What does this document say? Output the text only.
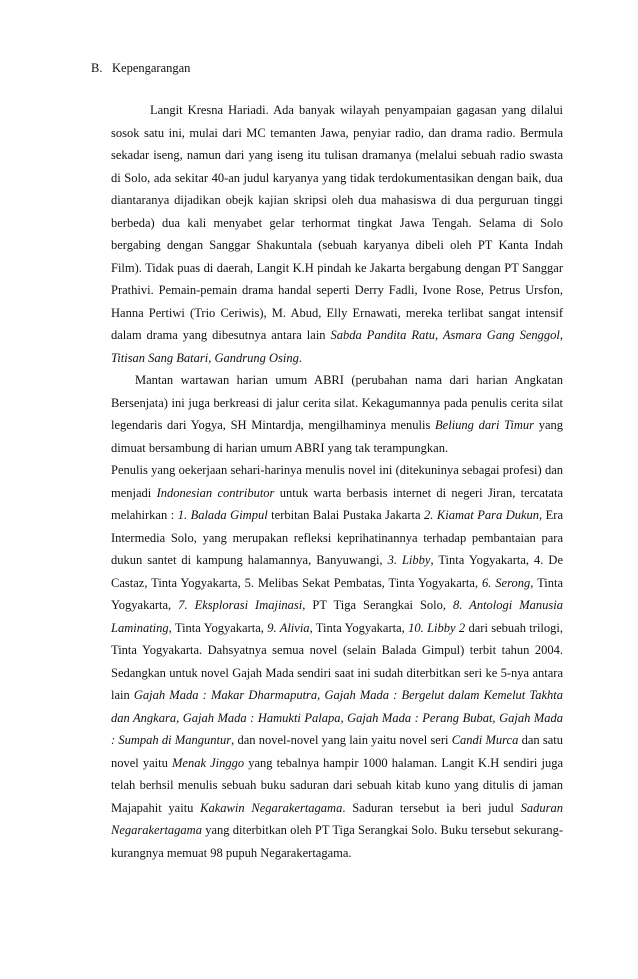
B. Kepengarangan

Langit Kresna Hariadi. Ada banyak wilayah penyampaian gagasan yang dilalui sosok satu ini, mulai dari MC temanten Jawa, penyiar radio, dan drama radio. Bermula sekadar iseng, namun dari yang iseng itu tulisan dramanya (melalui sebuah radio swasta di Solo, ada sekitar 40-an judul karyanya yang tidak terdokumentasikan dengan baik, dua diantaranya dijadikan obejk kajian skripsi oleh dua mahasiswa di dua perguruan tinggi berbeda) dua kali menyabet gelar terhormat tingkat Jawa Tengah. Selama di Solo bergabing dengan Sanggar Shakuntala (sebuah karyanya dibeli oleh PT Kanta Indah Film). Tidak puas di daerah, Langit K.H pindah ke Jakarta bergabung dengan PT Sanggar Prathivi. Pemain-pemain drama handal seperti Derry Fadli, Ivone Rose, Petrus Ursfon, Hanna Pertiwi (Trio Ceriwis), M. Abud, Elly Ernawati, mereka terlibat sangat intensif dalam drama yang dibesutnya antara lain Sabda Pandita Ratu, Asmara Gang Senggol, Titisan Sang Batari, Gandrung Osing.

Mantan wartawan harian umum ABRI (perubahan nama dari harian Angkatan Bersenjata) ini juga berkreasi di jalur cerita silat. Kekagumannya pada penulis cerita silat legendaris dari Yogya, SH Mintardja, mengilhaminya menulis Beliung dari Timur yang dimuat bersambung di harian umum ABRI yang tak terampungkan.

Penulis yang oekerjaan sehari-harinya menulis novel ini (ditekuninya sebagai profesi) dan menjadi Indonesian contributor untuk warta berbasis internet di negeri Jiran, tercatata melahirkan : 1. Balada Gimpul terbitan Balai Pustaka Jakarta 2. Kiamat Para Dukun, Era Intermedia Solo, yang merupakan refleksi keprihatinannya terhadap pembantaian para dukun santet di kampung halamannya, Banyuwangi, 3. Libby, Tinta Yogyakarta, 4. De Castaz, Tinta Yogyakarta, 5. Melibas Sekat Pembatas, Tinta Yogyakarta, 6. Serong, Tinta Yogyakarta, 7. Eksplorasi Imajinasi, PT Tiga Serangkai Solo, 8. Antologi Manusia Laminating, Tinta Yogyakarta, 9. Alivia, Tinta Yogyakarta, 10. Libby 2 dari sebuah trilogi, Tinta Yogyakarta. Dahsyatnya semua novel (selain Balada Gimpul) terbit tahun 2004. Sedangkan untuk novel Gajah Mada sendiri saat ini sudah diterbitkan seri ke 5-nya antara lain Gajah Mada : Makar Dharmaputra, Gajah Mada : Bergelut dalam Kemelut Takhta dan Angkara, Gajah Mada : Hamukti Palapa, Gajah Mada : Perang Bubat, Gajah Mada : Sumpah di Manguntur, dan novel-novel yang lain yaitu novel seri Candi Murca dan satu novel yaitu Menak Jinggo yang tebalnya hampir 1000 halaman. Langit K.H sendiri juga telah berhsil menulis sebuah buku saduran dari sebuah kitab kuno yang ditulis di jaman Majapahit yaitu Kakawin Negarakertagama. Saduran tersebut ia beri judul Saduran Negarakertagama yang diterbitkan oleh PT Tiga Serangkai Solo. Buku tersebut sekurang-kurangnya memuat 98 pupuh Negarakertagama.
